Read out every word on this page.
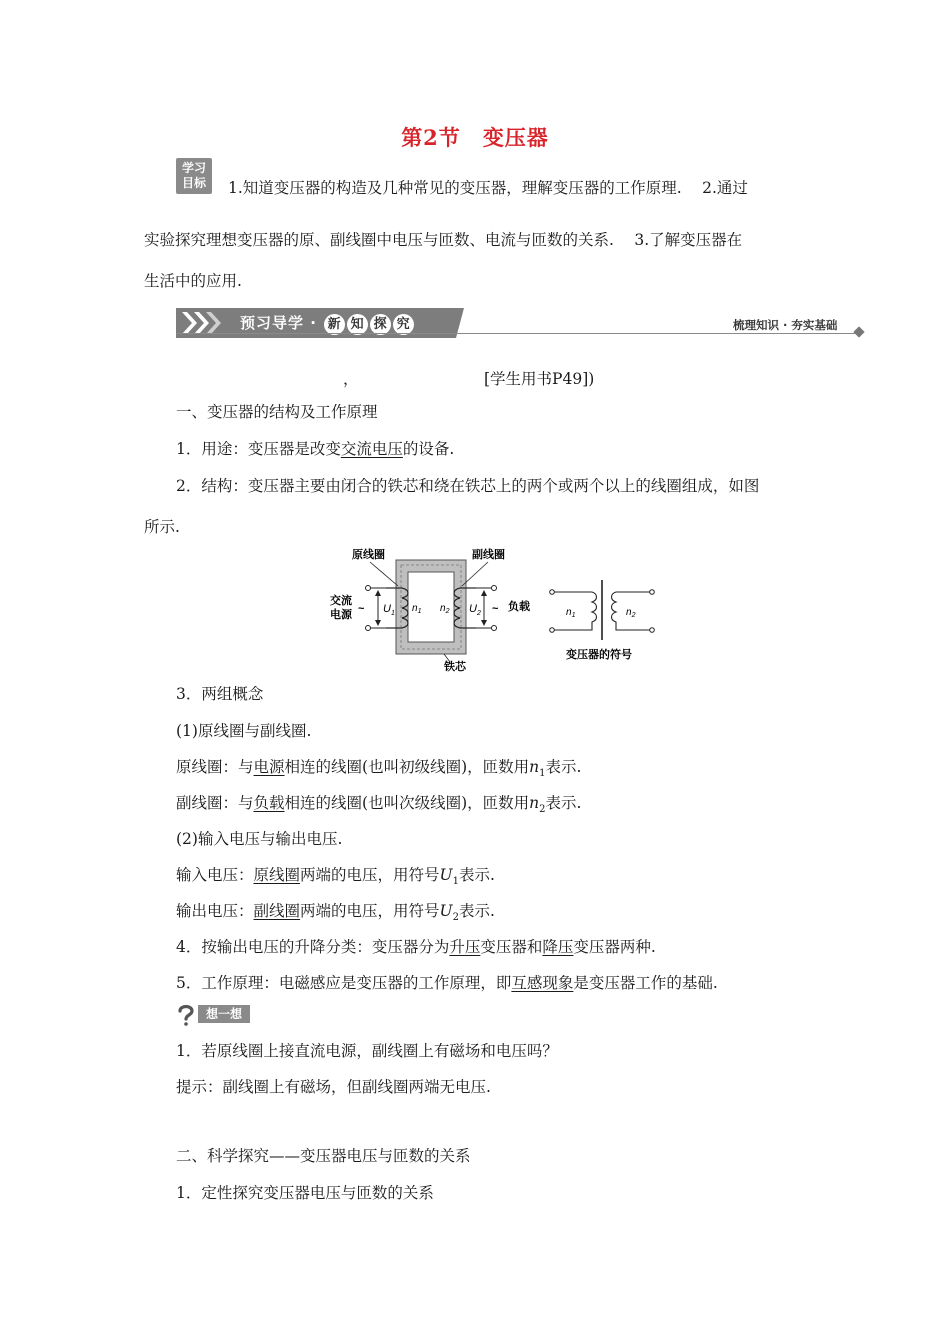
第2节 变压器
学习
目标	1.知道变压器的构造及几种常见的变压器，理解变压器的工作原理.　 2.通过
实验探究理想变压器的原、副线圈中电压与匝数、电流与匝数的关系.　 3.了解变压器在
生活中的应用.
预习导学 · 新 知 探 究	梳理知识 · 夯实基础
，	[学生用书P49])
一、变压器的结构及工作原理
1．用途：变压器是改变交流电压的设备.
2．结构：变压器主要由闭合的铁芯和绕在铁芯上的两个或两个以上的线圈组成，如图
所示.
原线圈	副线圈
交流
电源 ~ $U_1$ $n_1$ $n_2$ $U_2$ ~ 负载
铁芯
$n_1$	$n_2$
变压器的符号
3．两组概念
(1)原线圈与副线圈.
原线圈：与电源相连的线圈(也叫初级线圈)，匝数用$n_1$表示.
副线圈：与负载相连的线圈(也叫次级线圈)，匝数用$n_2$表示.
(2)输入电压与输出电压.
输入电压：原线圈两端的电压，用符号$U_1$表示.
输出电压：副线圈两端的电压，用符号$U_2$表示.
4．按输出电压的升降分类：变压器分为升压变压器和降压变压器两种.
5．工作原理：电磁感应是变压器的工作原理，即互感现象是变压器工作的基础.
想一想
1．若原线圈上接直流电源，副线圈上有磁场和电压吗？
提示：副线圈上有磁场，但副线圈两端无电压.
二、科学探究——变压器电压与匝数的关系
1．定性探究变压器电压与匝数的关系
